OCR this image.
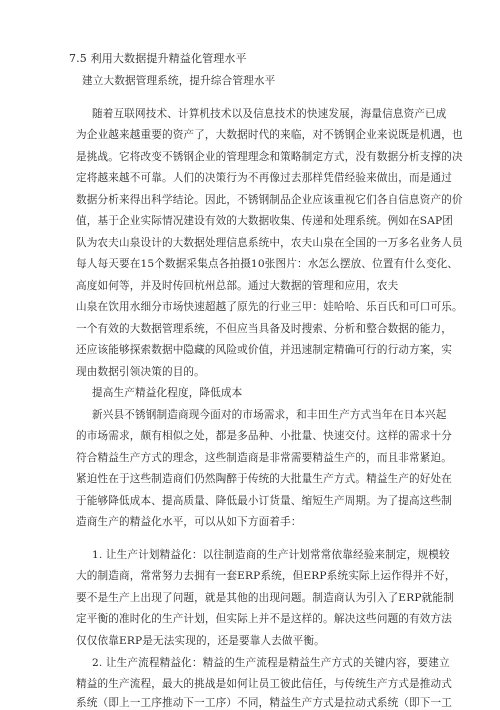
7.5 利用大数据提升精益化管理水平
建立大数据管理系统，提升综合管理水平
随着互联网技术、计算机技术以及信息技术的快速发展，海量信息资产已成
为企业越来越重要的资产了，大数据时代的来临，对不锈钢企业来说既是机遇，也
是挑战。它将改变不锈钢企业的管理理念和策略制定方式，没有数据分析支撑的决
定将越来越不可靠。人们的决策行为不再像过去那样凭借经验来做出，而是通过
数据分析来得出科学结论。因此，不锈钢制品企业应该重视它们各自信息资产的价
值，基于企业实际情况建设有效的大数据收集、传递和处理系统。例如在SAP团
队为农夫山泉设计的大数据处理信息系统中，农夫山泉在全国的一万多名业务人员
每人每天要在15个数据采集点各拍摄10张图片：水怎么摆放、位置有什么变化、
高度如何等，并及时传回杭州总部。通过大数据的管理和应用，农夫
山泉在饮用水细分市场快速超越了原先的行业三甲：娃哈哈、乐百氏和可口可乐。
一个有效的大数据管理系统，不但应当具备及时搜索、分析和整合数据的能力，
还应该能够探索数据中隐藏的风险或价值，并迅速制定精确可行的行动方案，实
现由数据引领决策的目的。
提高生产精益化程度，降低成本
新兴县不锈钢制造商现今面对的市场需求，和丰田生产方式当年在日本兴起
的市场需求，颇有相似之处，都是多品种、小批量、快速交付。这样的需求十分
符合精益生产方式的理念，这些制造商是非常需要精益生产的，而且非常紧迫。
紧迫性在于这些制造商们仍然陶醉于传统的大批量生产方式。精益生产的好处在
于能够降低成本、提高质量、降低最小订货量、缩短生产周期。为了提高这些制
造商生产的精益化水平，可以从如下方面着手：
1. 让生产计划精益化：以往制造商的生产计划常常依靠经验来制定，规模较
大的制造商，常常努力去拥有一套ERP系统，但ERP系统实际上运作得并不好，
要不是生产上出现了问题，就是其他的出现问题。制造商认为引入了ERP就能制
定平衡的准时化的生产计划，但实际上并不是这样的。解决这些问题的有效方法
仅仅依靠ERP是无法实现的，还是要靠人去做平衡。
2. 让生产流程精益化：精益的生产流程是精益生产方式的关键内容，要建立
精益的生产流程，最大的挑战是如何让员工彼此信任，与传统生产方式是推动式
系统（即上一工序推动下一工序）不同，精益生产方式是拉动式系统（即下一工
